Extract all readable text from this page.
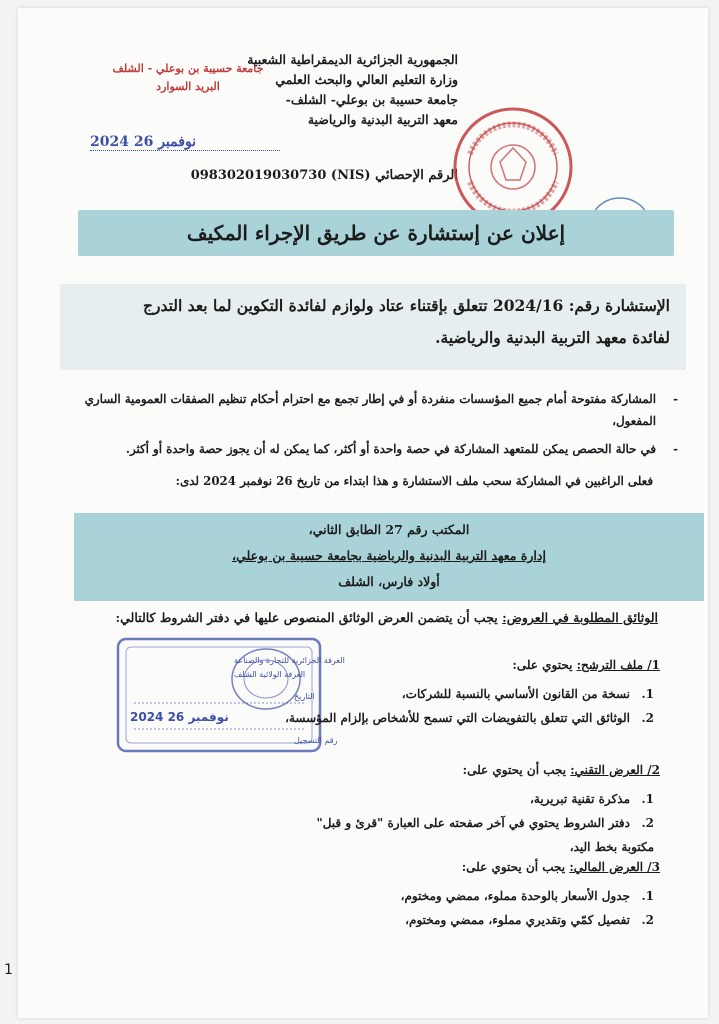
جامعة حسيبة بن بوعلي - الشلف
البريد السوارد
2024 نوفمبر 26
الجمهورية الجزائرية الديمقراطية الشعبية
وزارة التعليم العالي والبحث العلمي
جامعة حسيبة بن بوعلي- الشلف-
معهد التربية البدنية والرياضية
الرقم الإحصائي (NIS) 098302019030730
إعلان عن إستشارة عن طريق الإجراء المكيف
الإستشارة رقم: 2024/16 تتعلق بإقتناء عتاد ولوازم لفائدة التكوين لما بعد التدرج
لفائدة معهد التربية البدنية والرياضية.
- المشاركة مفتوحة أمام جميع المؤسسات منفردة أو في إطار تجمع مع احترام أحكام تنظيم الصفقات العمومية الساري المفعول،
- في حالة الحصص يمكن للمتعهد المشاركة في حصة واحدة أو أكثر، كما يمكن له أن يجوز حصة واحدة أو أكثر.
فعلى الراغبين في المشاركة سحب ملف الاستشارة و هذا ابتداء من تاريخ 26 نوفمبر 2024 لدى:
المكتب رقم 27 الطابق الثاني،
إدارة معهد التربية البدنية والرياضية بجامعة حسيبة بن بوعلي،
أولاد فارس، الشلف
الوثائق المطلوبة في العروض: يجب أن يتضمن العرض الوثائق المنصوص عليها في دفتر الشروط كالتالي:
الغرفة الجزائرية للتجارة والصناعة
الغرفة الولائية الشلف
التاريخ
2024 نوفمبر 26
رقم التسجيل
1/ ملف الترشح: يحتوي على:
1.نسخة من القانون الأساسي بالنسبة للشركات،
2.الوثائق التي تتعلق بالتفويضات التي تسمح للأشخاص بإلزام المؤسسة،
2/ العرض التقني: يجب أن يحتوي على:
1.مذكرة تقنية تبريرية،
2.دفتر الشروط يحتوي في آخر صفحته على العبارة "قرئ و قبل" مكتوبة بخط اليد،
3/ العرض المالي: يجب أن يحتوي على:
1.جدول الأسعار بالوحدة مملوء، ممضي ومختوم،
2.تفصيل كمّي وتقديري مملوء، ممضي ومختوم،
1
